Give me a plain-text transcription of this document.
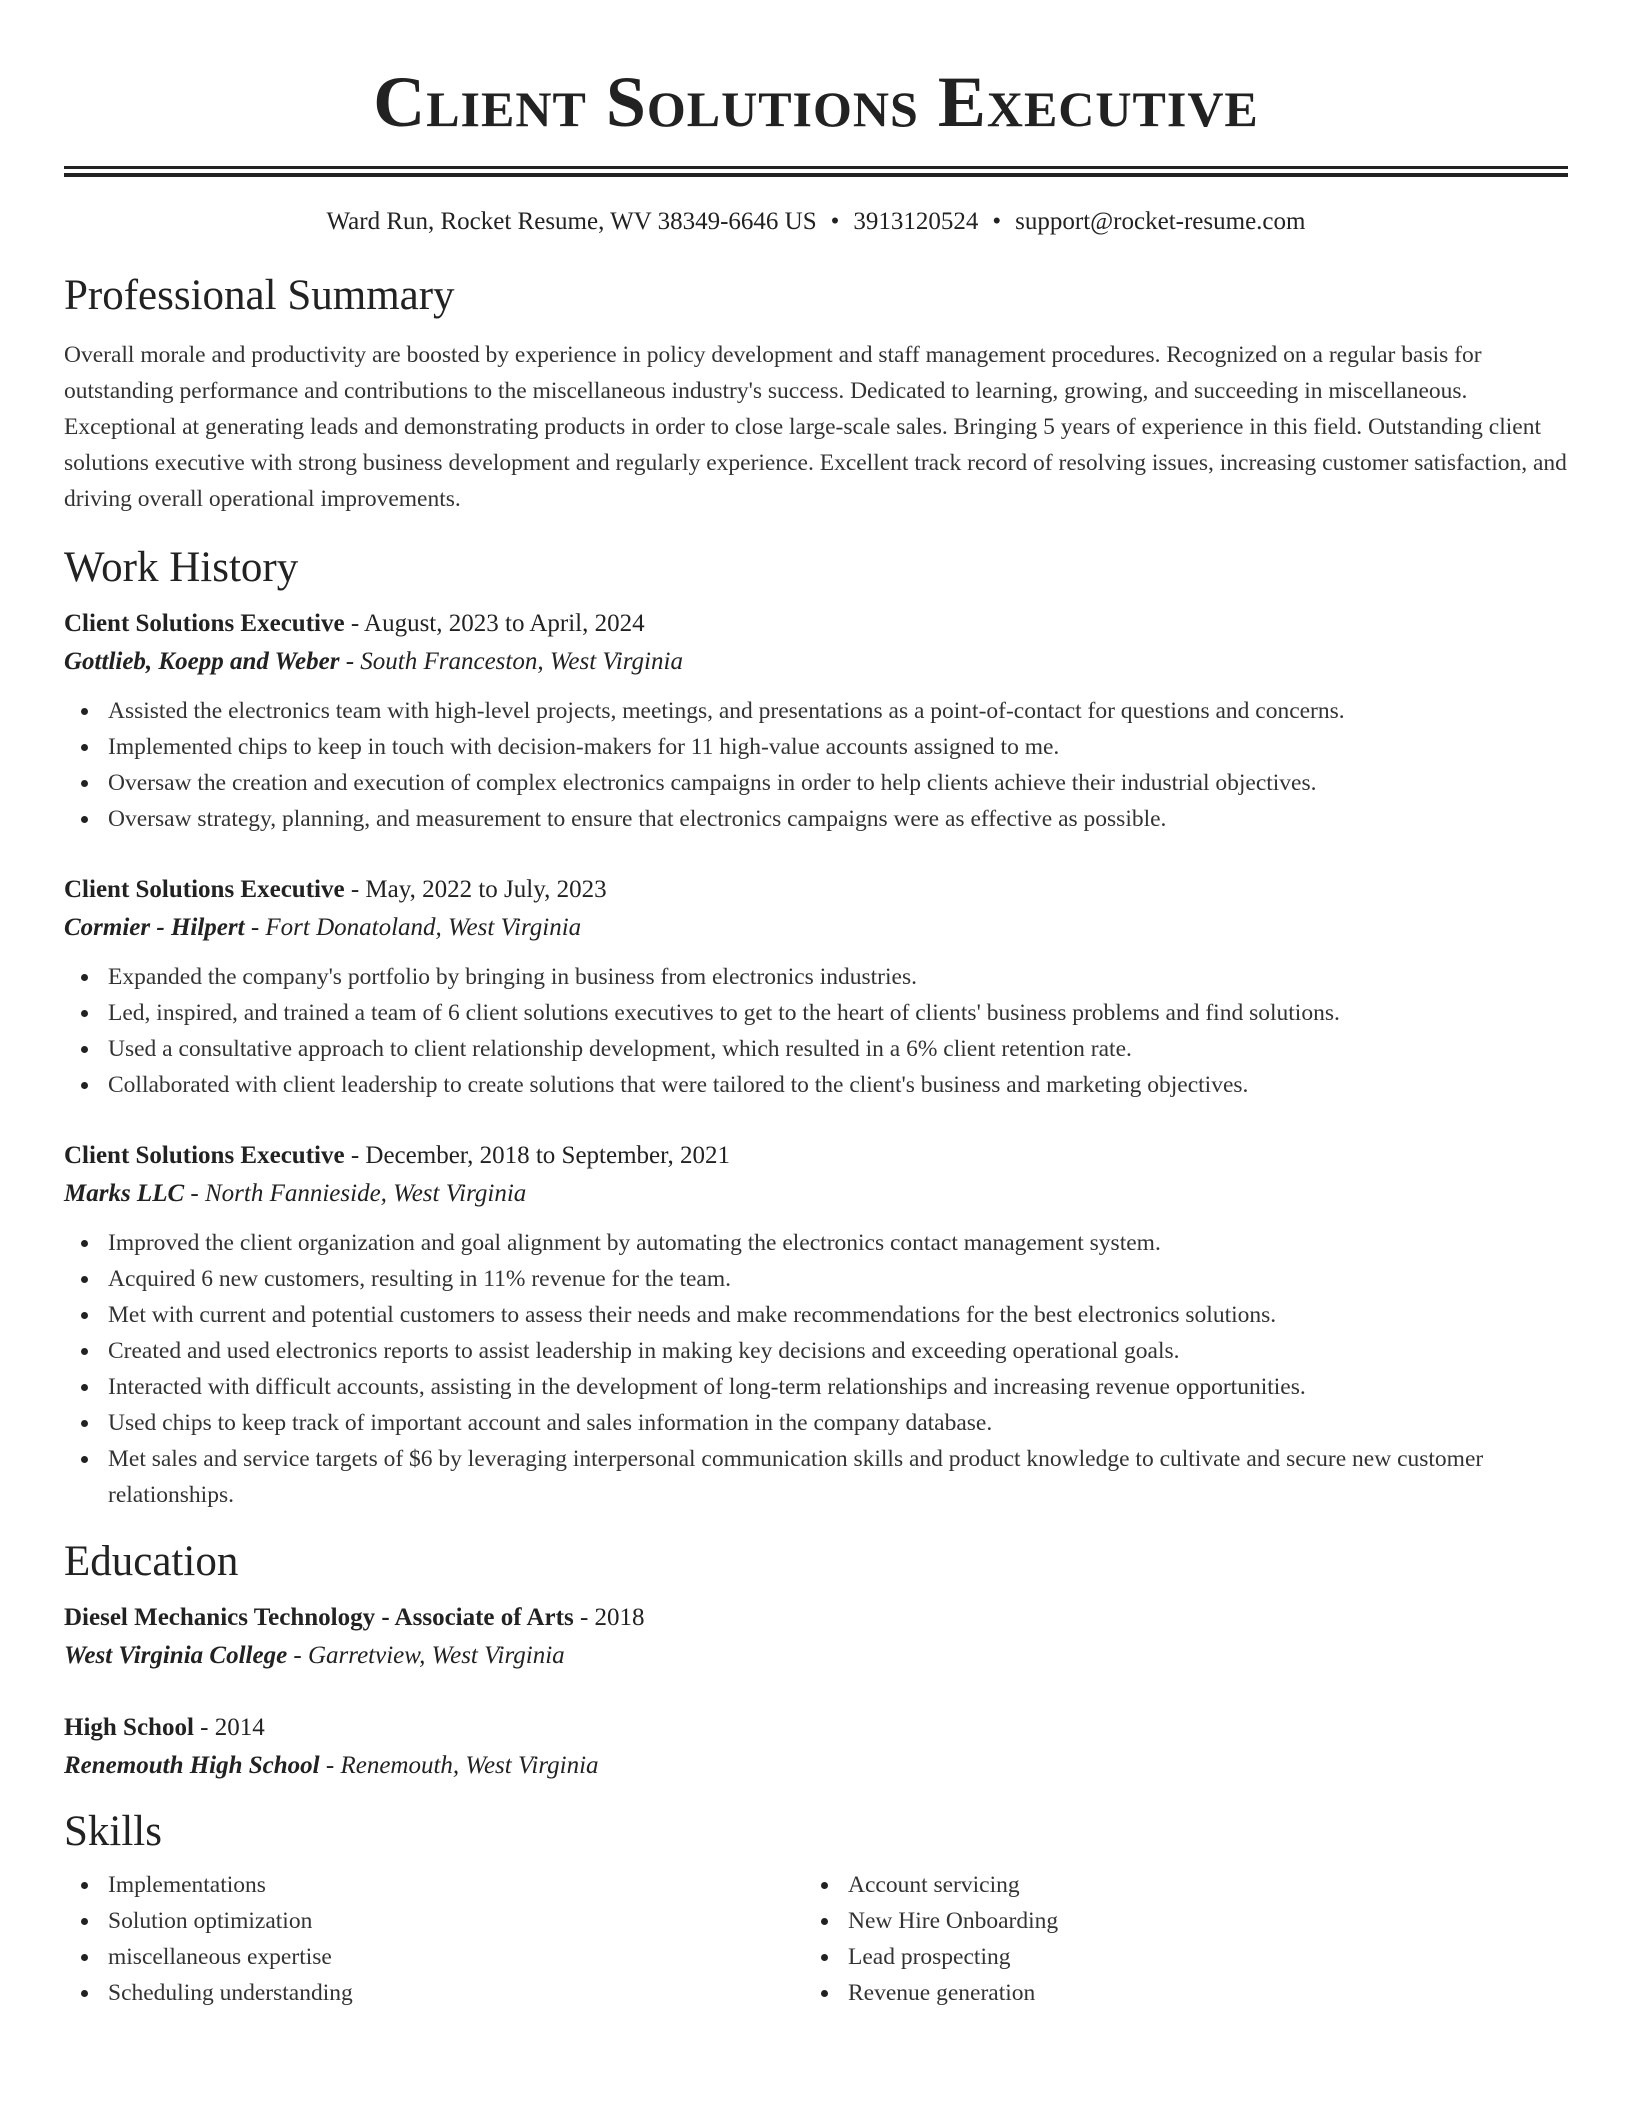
Client Solutions Executive
Ward Run, Rocket Resume, WV 38349-6646 US • 3913120524 • support@rocket-resume.com
Professional Summary
Overall morale and productivity are boosted by experience in policy development and staff management procedures. Recognized on a regular basis for outstanding performance and contributions to the miscellaneous industry's success. Dedicated to learning, growing, and succeeding in miscellaneous. Exceptional at generating leads and demonstrating products in order to close large-scale sales. Bringing 5 years of experience in this field. Outstanding client solutions executive with strong business development and regularly experience. Excellent track record of resolving issues, increasing customer satisfaction, and driving overall operational improvements.
Work History
Client Solutions Executive - August, 2023 to April, 2024
Gottlieb, Koepp and Weber - South Franceston, West Virginia
Assisted the electronics team with high-level projects, meetings, and presentations as a point-of-contact for questions and concerns.
Implemented chips to keep in touch with decision-makers for 11 high-value accounts assigned to me.
Oversaw the creation and execution of complex electronics campaigns in order to help clients achieve their industrial objectives.
Oversaw strategy, planning, and measurement to ensure that electronics campaigns were as effective as possible.
Client Solutions Executive - May, 2022 to July, 2023
Cormier - Hilpert - Fort Donatoland, West Virginia
Expanded the company's portfolio by bringing in business from electronics industries.
Led, inspired, and trained a team of 6 client solutions executives to get to the heart of clients' business problems and find solutions.
Used a consultative approach to client relationship development, which resulted in a 6% client retention rate.
Collaborated with client leadership to create solutions that were tailored to the client's business and marketing objectives.
Client Solutions Executive - December, 2018 to September, 2021
Marks LLC - North Fannieside, West Virginia
Improved the client organization and goal alignment by automating the electronics contact management system.
Acquired 6 new customers, resulting in 11% revenue for the team.
Met with current and potential customers to assess their needs and make recommendations for the best electronics solutions.
Created and used electronics reports to assist leadership in making key decisions and exceeding operational goals.
Interacted with difficult accounts, assisting in the development of long-term relationships and increasing revenue opportunities.
Used chips to keep track of important account and sales information in the company database.
Met sales and service targets of $6 by leveraging interpersonal communication skills and product knowledge to cultivate and secure new customer relationships.
Education
Diesel Mechanics Technology - Associate of Arts - 2018
West Virginia College - Garretview, West Virginia
High School - 2014
Renemouth High School - Renemouth, West Virginia
Skills
Implementations
Solution optimization
miscellaneous expertise
Scheduling understanding
Account servicing
New Hire Onboarding
Lead prospecting
Revenue generation
